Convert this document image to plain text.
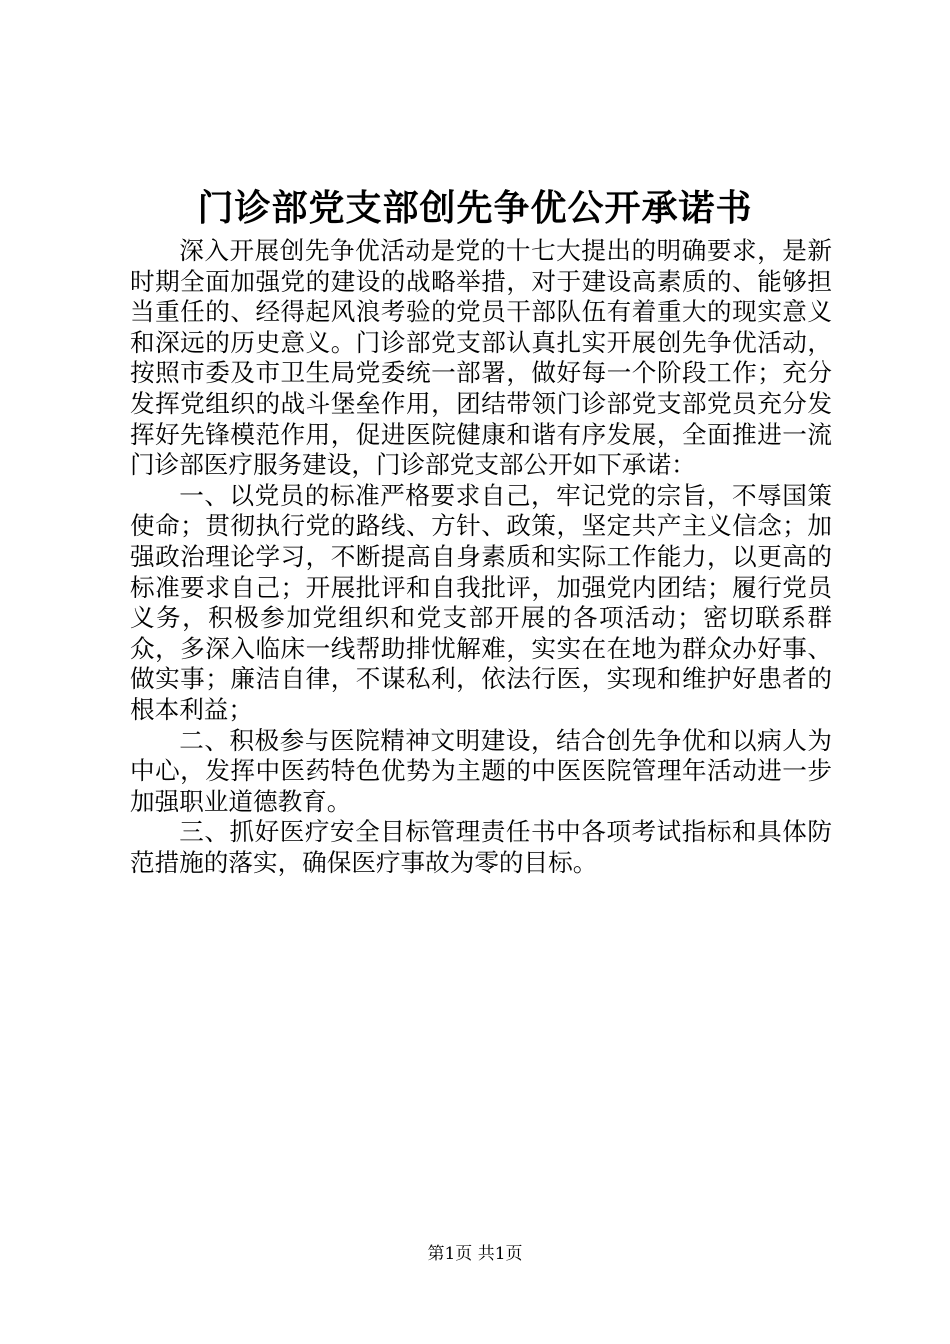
门诊部党支部创先争优公开承诺书

深入开展创先争优活动是党的十七大提出的明确要求，是新时期全面加强党的建设的战略举措，对于建设高素质的、能够担当重任的、经得起风浪考验的党员干部队伍有着重大的现实意义和深远的历史意义。门诊部党支部认真扎实开展创先争优活动，按照市委及市卫生局党委统一部署，做好每一个阶段工作；充分发挥党组织的战斗堡垒作用，团结带领门诊部党支部党员充分发挥好先锋模范作用，促进医院健康和谐有序发展，全面推进一流门诊部医疗服务建设，门诊部党支部公开如下承诺：

一、以党员的标准严格要求自己，牢记党的宗旨，不辱国策使命；贯彻执行党的路线、方针、政策，坚定共产主义信念；加强政治理论学习，不断提高自身素质和实际工作能力，以更高的标准要求自己；开展批评和自我批评，加强党内团结；履行党员义务，积极参加党组织和党支部开展的各项活动；密切联系群众，多深入临床一线帮助排忧解难，实实在在地为群众办好事、做实事；廉洁自律，不谋私利，依法行医，实现和维护好患者的根本利益；

二、积极参与医院精神文明建设，结合创先争优和以病人为中心，发挥中医药特色优势为主题的中医医院管理年活动进一步加强职业道德教育。

三、抓好医疗安全目标管理责任书中各项考试指标和具体防范措施的落实，确保医疗事故为零的目标。

第1页 共1页
